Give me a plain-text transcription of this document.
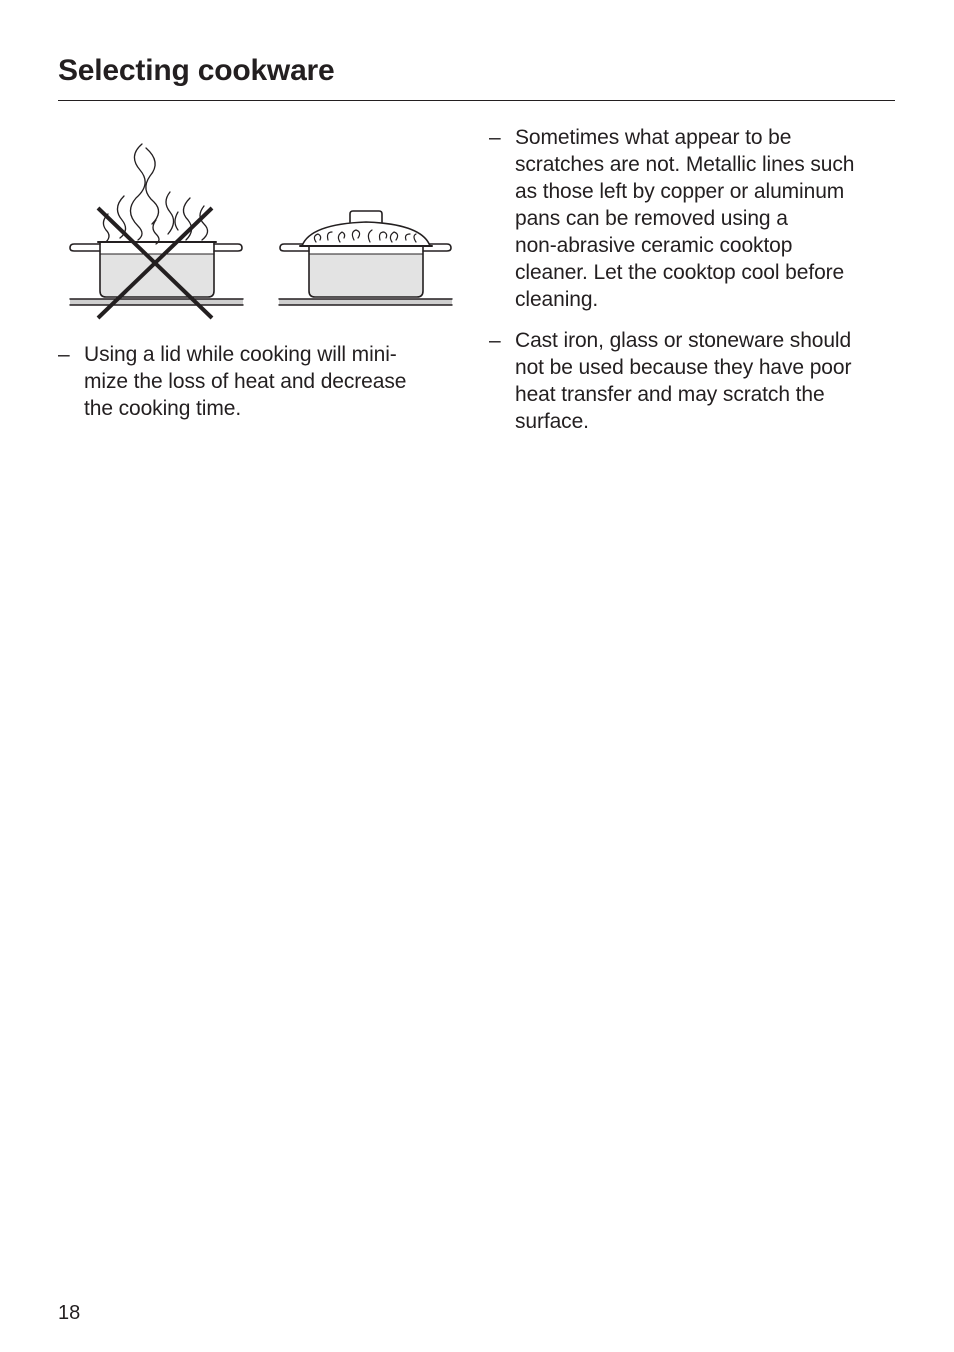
Selecting cookware
– Using a lid while cooking will mini-
mize the loss of heat and decrease
the cooking time.
– Sometimes what appear to be
scratches are not. Metallic lines such
as those left by copper or aluminum
pans can be removed using a
non-abrasive ceramic cooktop
cleaner. Let the cooktop cool before
cleaning.
– Cast iron, glass or stoneware should
not be used because they have poor
heat transfer and may scratch the
surface.
18
